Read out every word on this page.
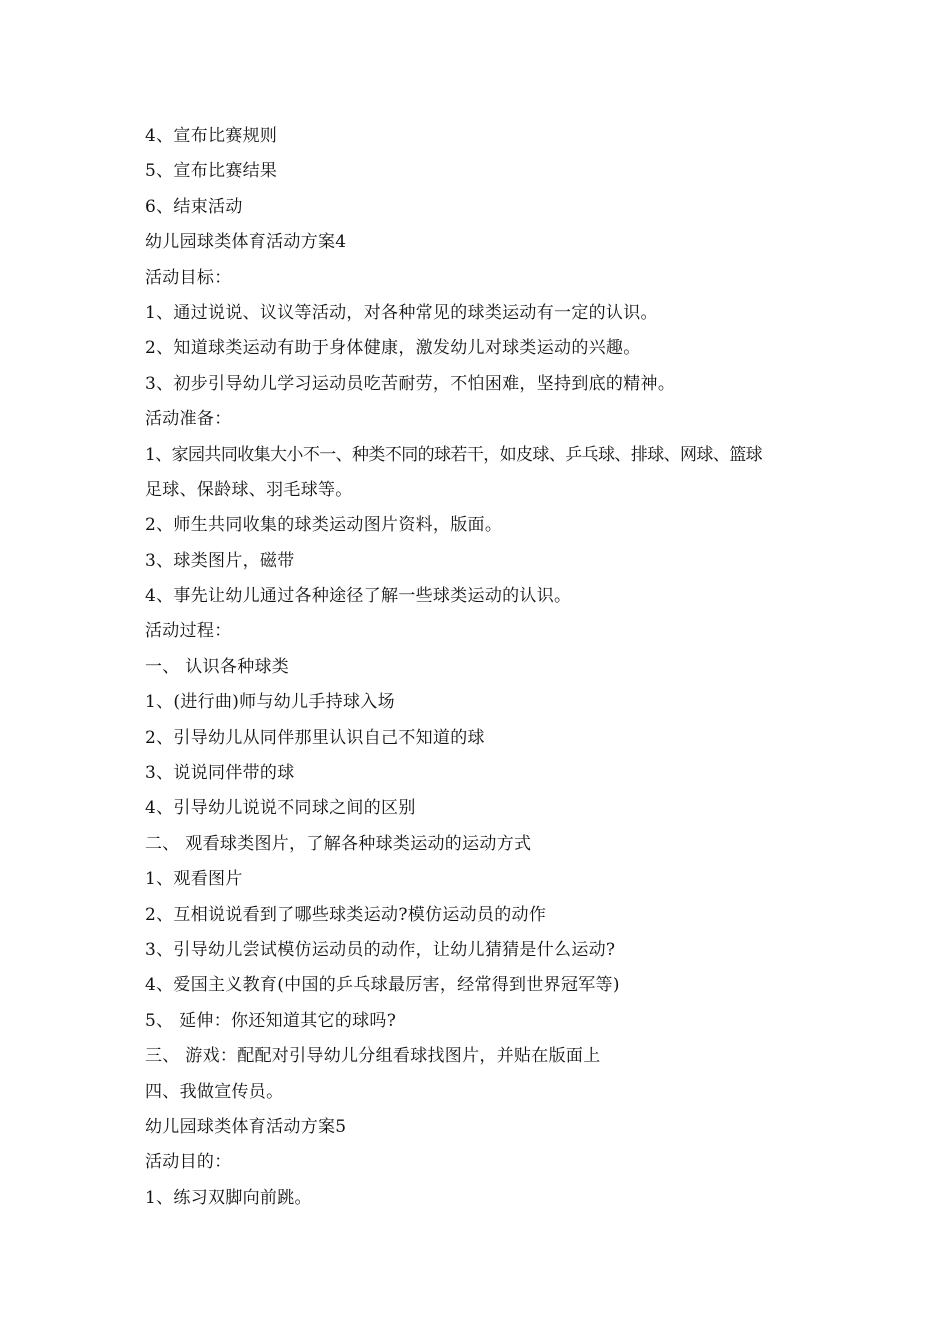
4、宣布比赛规则
5、宣布比赛结果
6、结束活动
幼儿园球类体育活动方案4
活动目标：
1、通过说说、议议等活动，对各种常见的球类运动有一定的认识。
2、知道球类运动有助于身体健康，激发幼儿对球类运动的兴趣。
3、初步引导幼儿学习运动员吃苦耐劳，不怕困难，坚持到底的精神。
活动准备：
1、家园共同收集大小不一、种类不同的球若干，如皮球、乒乓球、排球、网球、篮球
足球、保龄球、羽毛球等。
2、师生共同收集的球类运动图片资料，版面。
3、球类图片，磁带
4、事先让幼儿通过各种途径了解一些球类运动的认识。
活动过程：
一、 认识各种球类
1、(进行曲)师与幼儿手持球入场
2、引导幼儿从同伴那里认识自己不知道的球
3、说说同伴带的球
4、引导幼儿说说不同球之间的区别
二、 观看球类图片，了解各种球类运动的运动方式
1、观看图片
2、互相说说看到了哪些球类运动?模仿运动员的动作
3、引导幼儿尝试模仿运动员的动作，让幼儿猜猜是什么运动?
4、爱国主义教育(中国的乒乓球最厉害，经常得到世界冠军等)
5、 延伸：你还知道其它的球吗?
三、 游戏：配配对引导幼儿分组看球找图片，并贴在版面上
四、我做宣传员。
幼儿园球类体育活动方案5
活动目的：
1、练习双脚向前跳。
